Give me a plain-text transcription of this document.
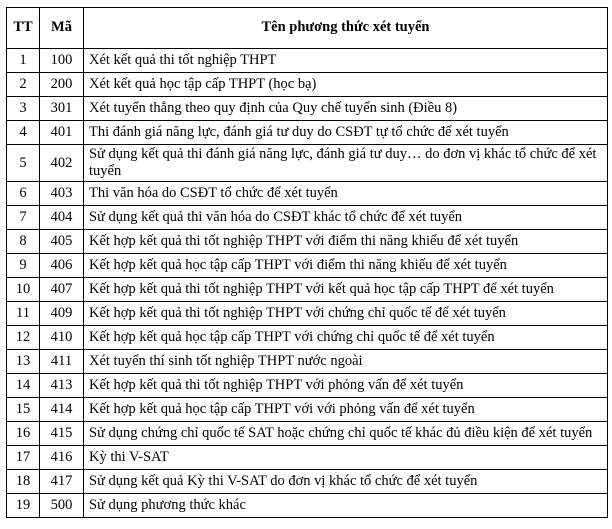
TT	Mã	Tên phương thức xét tuyển
1	100	Xét kết quả thi tốt nghiệp THPT
2	200	Xét kết quả học tập cấp THPT (học bạ)
3	301	Xét tuyển thẳng theo quy định của Quy chế tuyển sinh (Điều 8)
4	401	Thi đánh giá năng lực, đánh giá tư duy do CSĐT tự tổ chức để xét tuyển
5	402	Sử dụng kết quả thi đánh giá năng lực, đánh giá tư duy… do đơn vị khác tổ chức để xét tuyển
6	403	Thi văn hóa do CSĐT tổ chức để xét tuyển
7	404	Sử dụng kết quả thi văn hóa do CSĐT khác tổ chức để xét tuyển
8	405	Kết hợp kết quả thi tốt nghiệp THPT với điểm thi năng khiếu để xét tuyển
9	406	Kết hợp kết quả học tập cấp THPT với điểm thi năng khiếu để xét tuyển
10	407	Kết hợp kết quả thi tốt nghiệp THPT với kết quả học tập cấp THPT để xét tuyển
11	409	Kết hợp kết quả thi tốt nghiệp THPT với chứng chỉ quốc tế để xét tuyển
12	410	Kết hợp kết quả học tập cấp THPT với chứng chỉ quốc tế để xét tuyển
13	411	Xét tuyển thí sinh tốt nghiệp THPT nước ngoài
14	413	Kết hợp kết quả thi tốt nghiệp THPT với phỏng vấn để xét tuyển
15	414	Kết hợp kết quả học tập cấp THPT với với phỏng vấn để xét tuyển
16	415	Sử dụng chứng chỉ quốc tế SAT hoặc chứng chỉ quốc tế khác đủ điều kiện để xét tuyển
17	416	Kỳ thi V-SAT
18	417	Sử dụng kết quả Kỳ thi V-SAT do đơn vị khác tổ chức để xét tuyển
19	500	Sử dụng phương thức khác
